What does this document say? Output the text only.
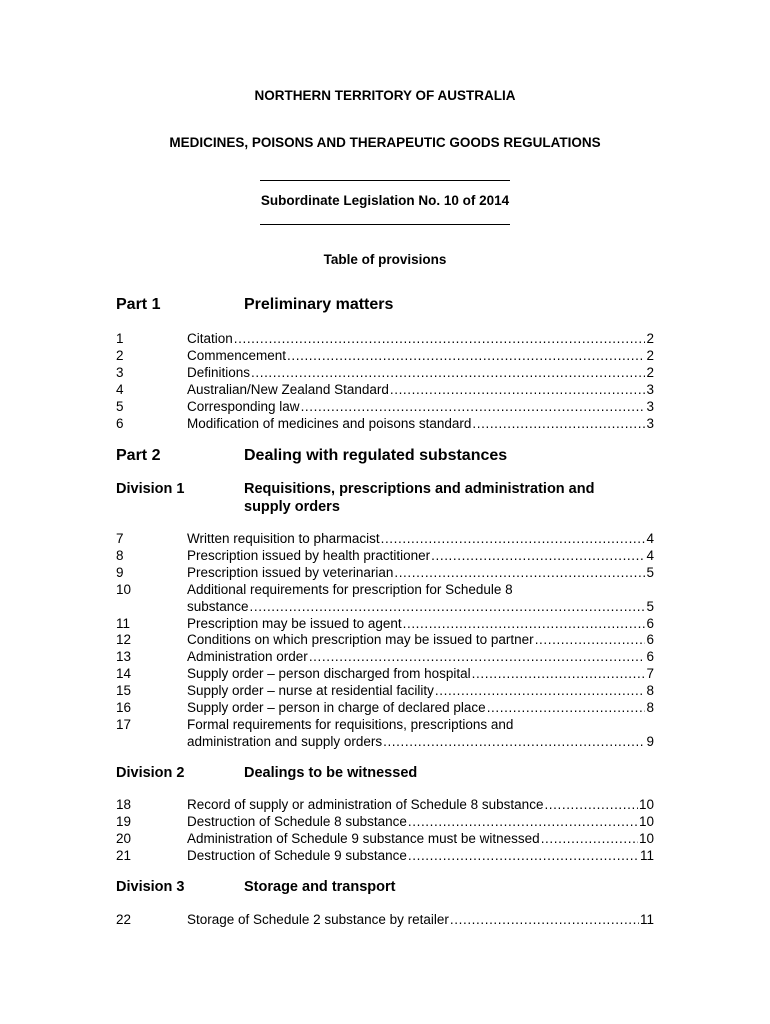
NORTHERN TERRITORY OF AUSTRALIA
MEDICINES, POISONS AND THERAPEUTIC GOODS REGULATIONS
Subordinate Legislation No. 10 of 2014
Table of provisions
Part 1	Preliminary matters
1	Citation .....	2
2	Commencement .....	2
3	Definitions .....	2
4	Australian/New Zealand Standard .....	3
5	Corresponding law .....	3
6	Modification of medicines and poisons standard .....	3
Part 2	Dealing with regulated substances
Division 1	Requisitions, prescriptions and administration and supply orders
7	Written requisition to pharmacist .....	4
8	Prescription issued by health practitioner .....	4
9	Prescription issued by veterinarian .....	5
10	Additional requirements for prescription for Schedule 8
substance .....	5
11	Prescription may be issued to agent .....	6
12	Conditions on which prescription may be issued to partner .....	6
13	Administration order .....	6
14	Supply order – person discharged from hospital .....	7
15	Supply order – nurse at residential facility .....	8
16	Supply order – person in charge of declared place .....	8
17	Formal requirements for requisitions, prescriptions and
administration and supply orders .....	9
Division 2	Dealings to be witnessed
18	Record of supply or administration of Schedule 8 substance .....	10
19	Destruction of Schedule 8 substance .....	10
20	Administration of Schedule 9 substance must be witnessed .....	10
21	Destruction of Schedule 9 substance .....	11
Division 3	Storage and transport
22	Storage of Schedule 2 substance by retailer .....	11
